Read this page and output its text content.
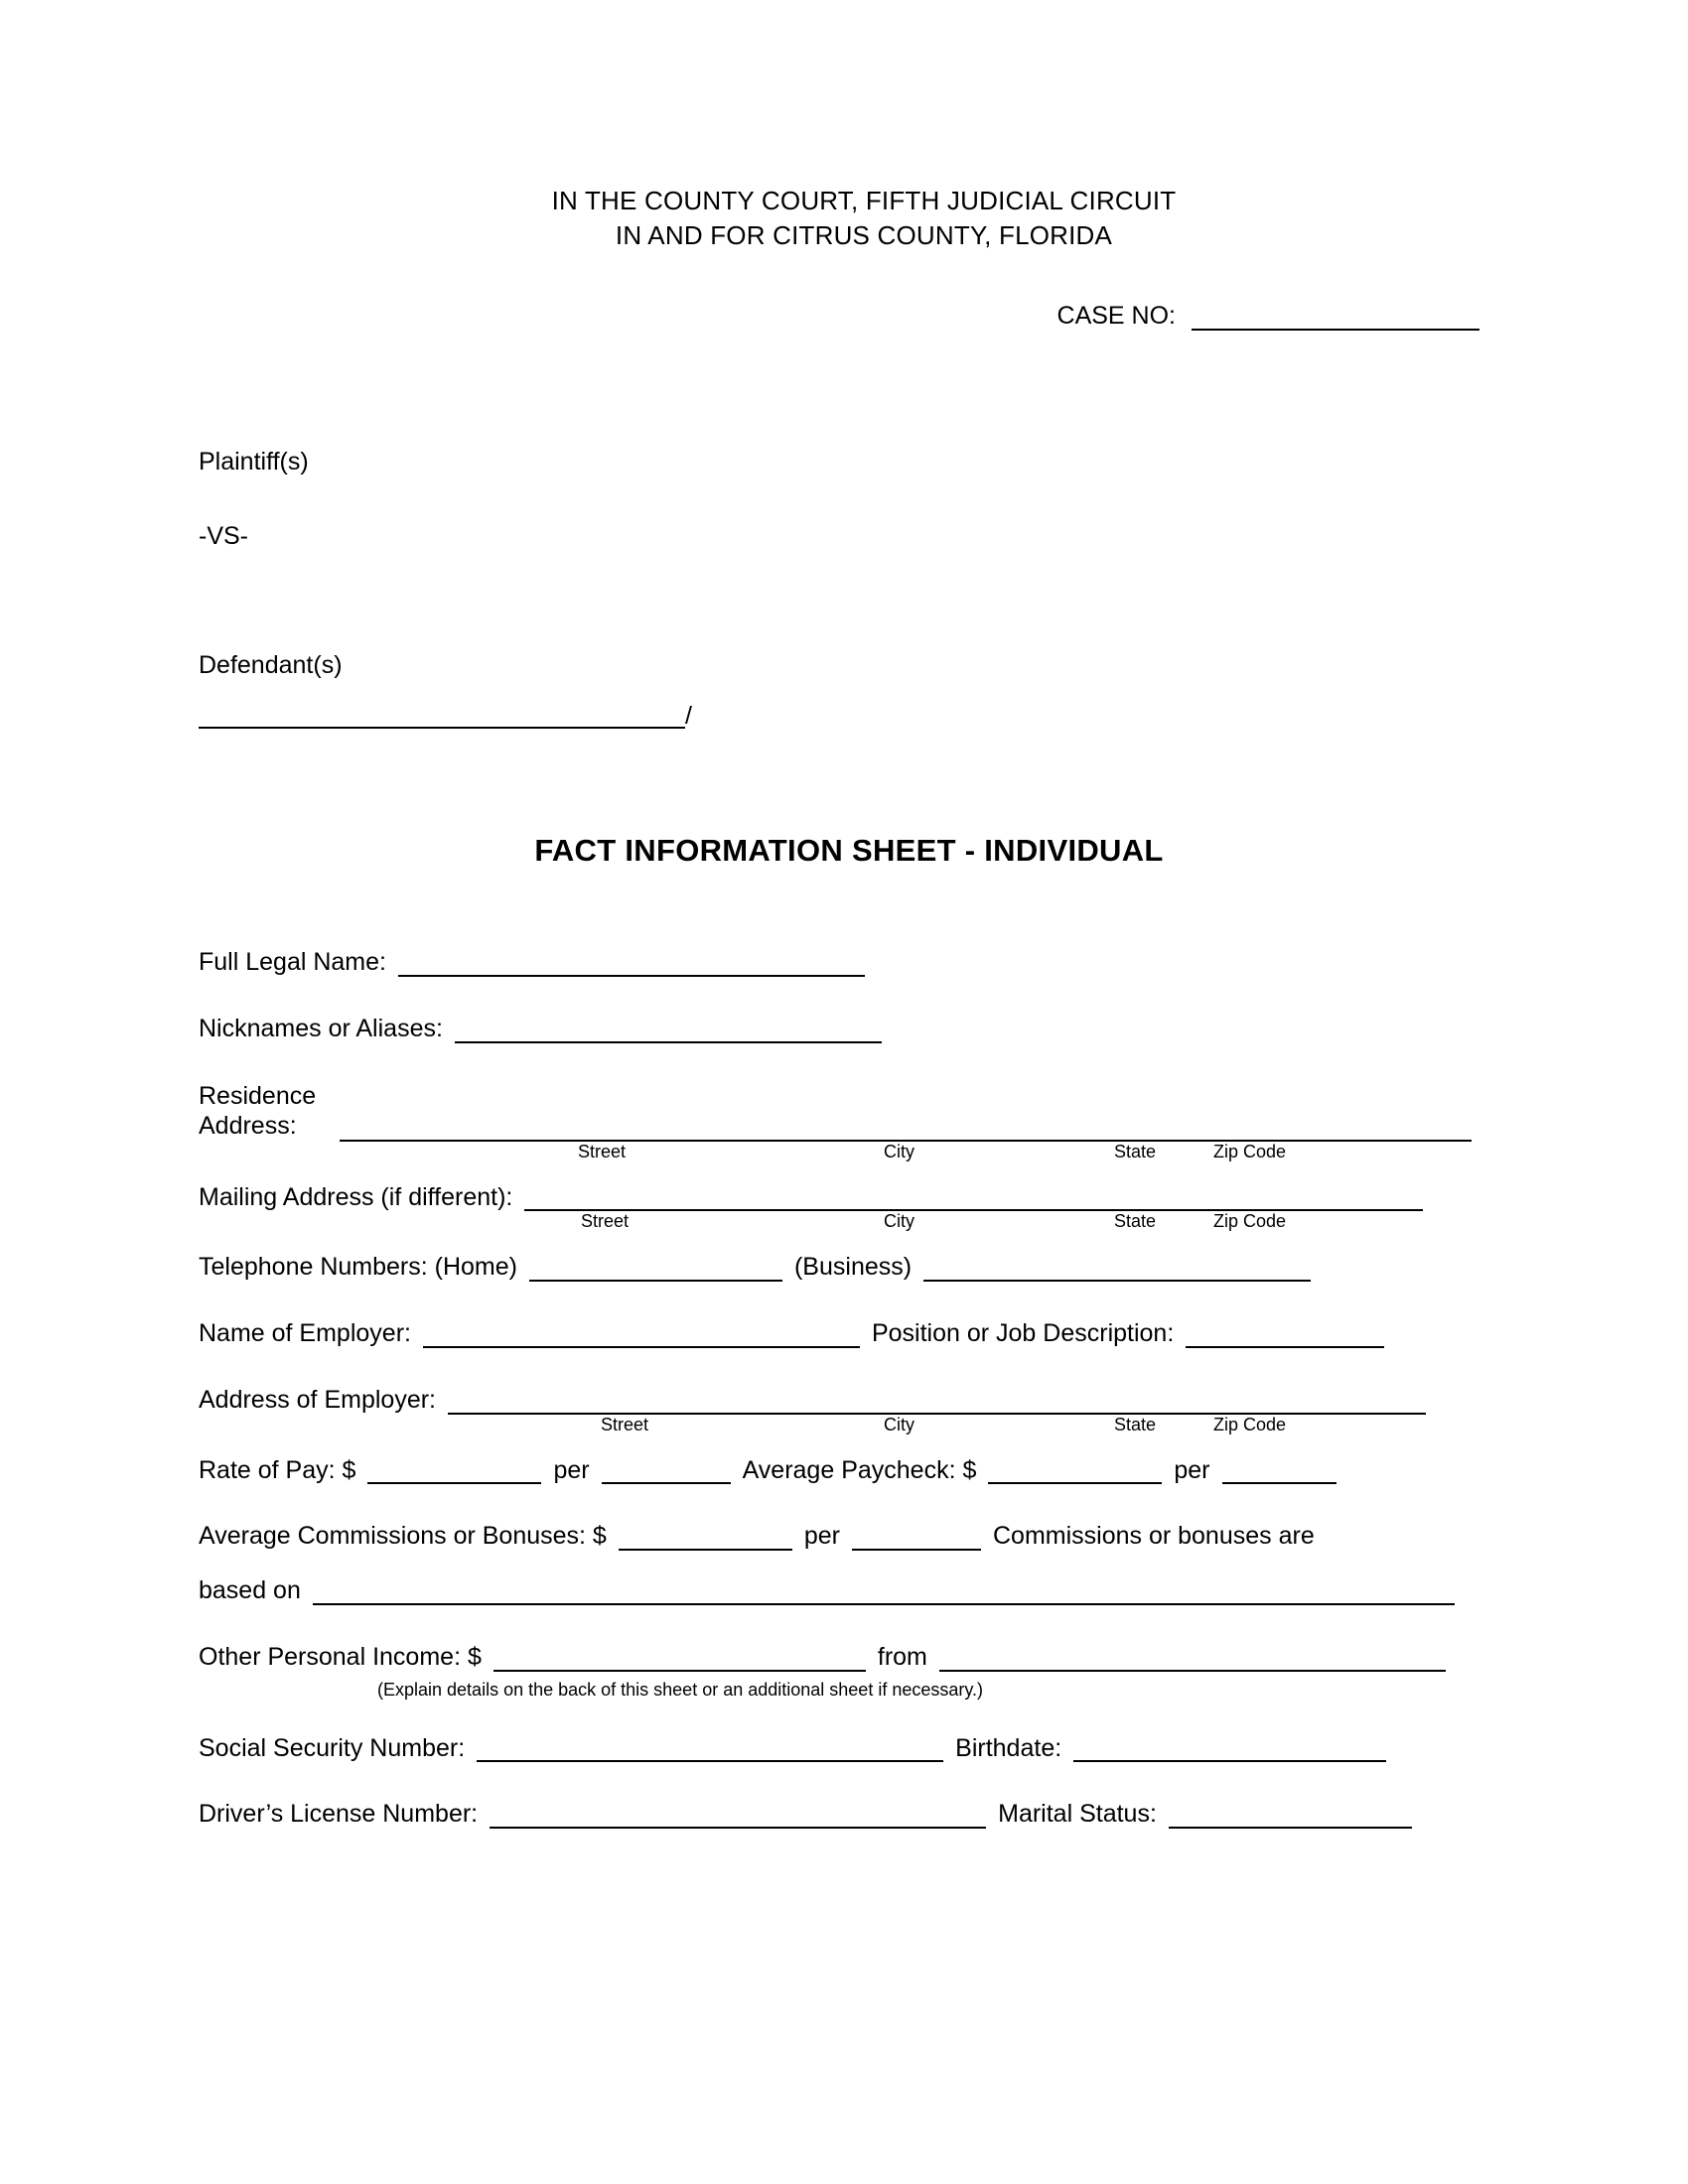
IN THE COUNTY COURT, FIFTH JUDICIAL CIRCUIT
IN AND FOR CITRUS COUNTY, FLORIDA
CASE NO:
Plaintiff(s)
-VS-
Defendant(s)
/
FACT INFORMATION SHEET - INDIVIDUAL
Full Legal Name:
Nicknames or Aliases:
Residence Address:
Street	City	State	Zip Code
Mailing Address (if different):
Street	City	State	Zip Code
Telephone Numbers: (Home)	(Business)
Name of Employer:	Position or Job Description:
Address of Employer:
Street	City	State	Zip Code
Rate of Pay: $	per	Average Paycheck: $	per
Average Commissions or Bonuses: $	per	Commissions or bonuses are
based on
Other Personal Income: $	from
(Explain details on the back of this sheet or an additional sheet if necessary.)
Social Security Number:	Birthdate:
Driver’s License Number:	Marital Status:
